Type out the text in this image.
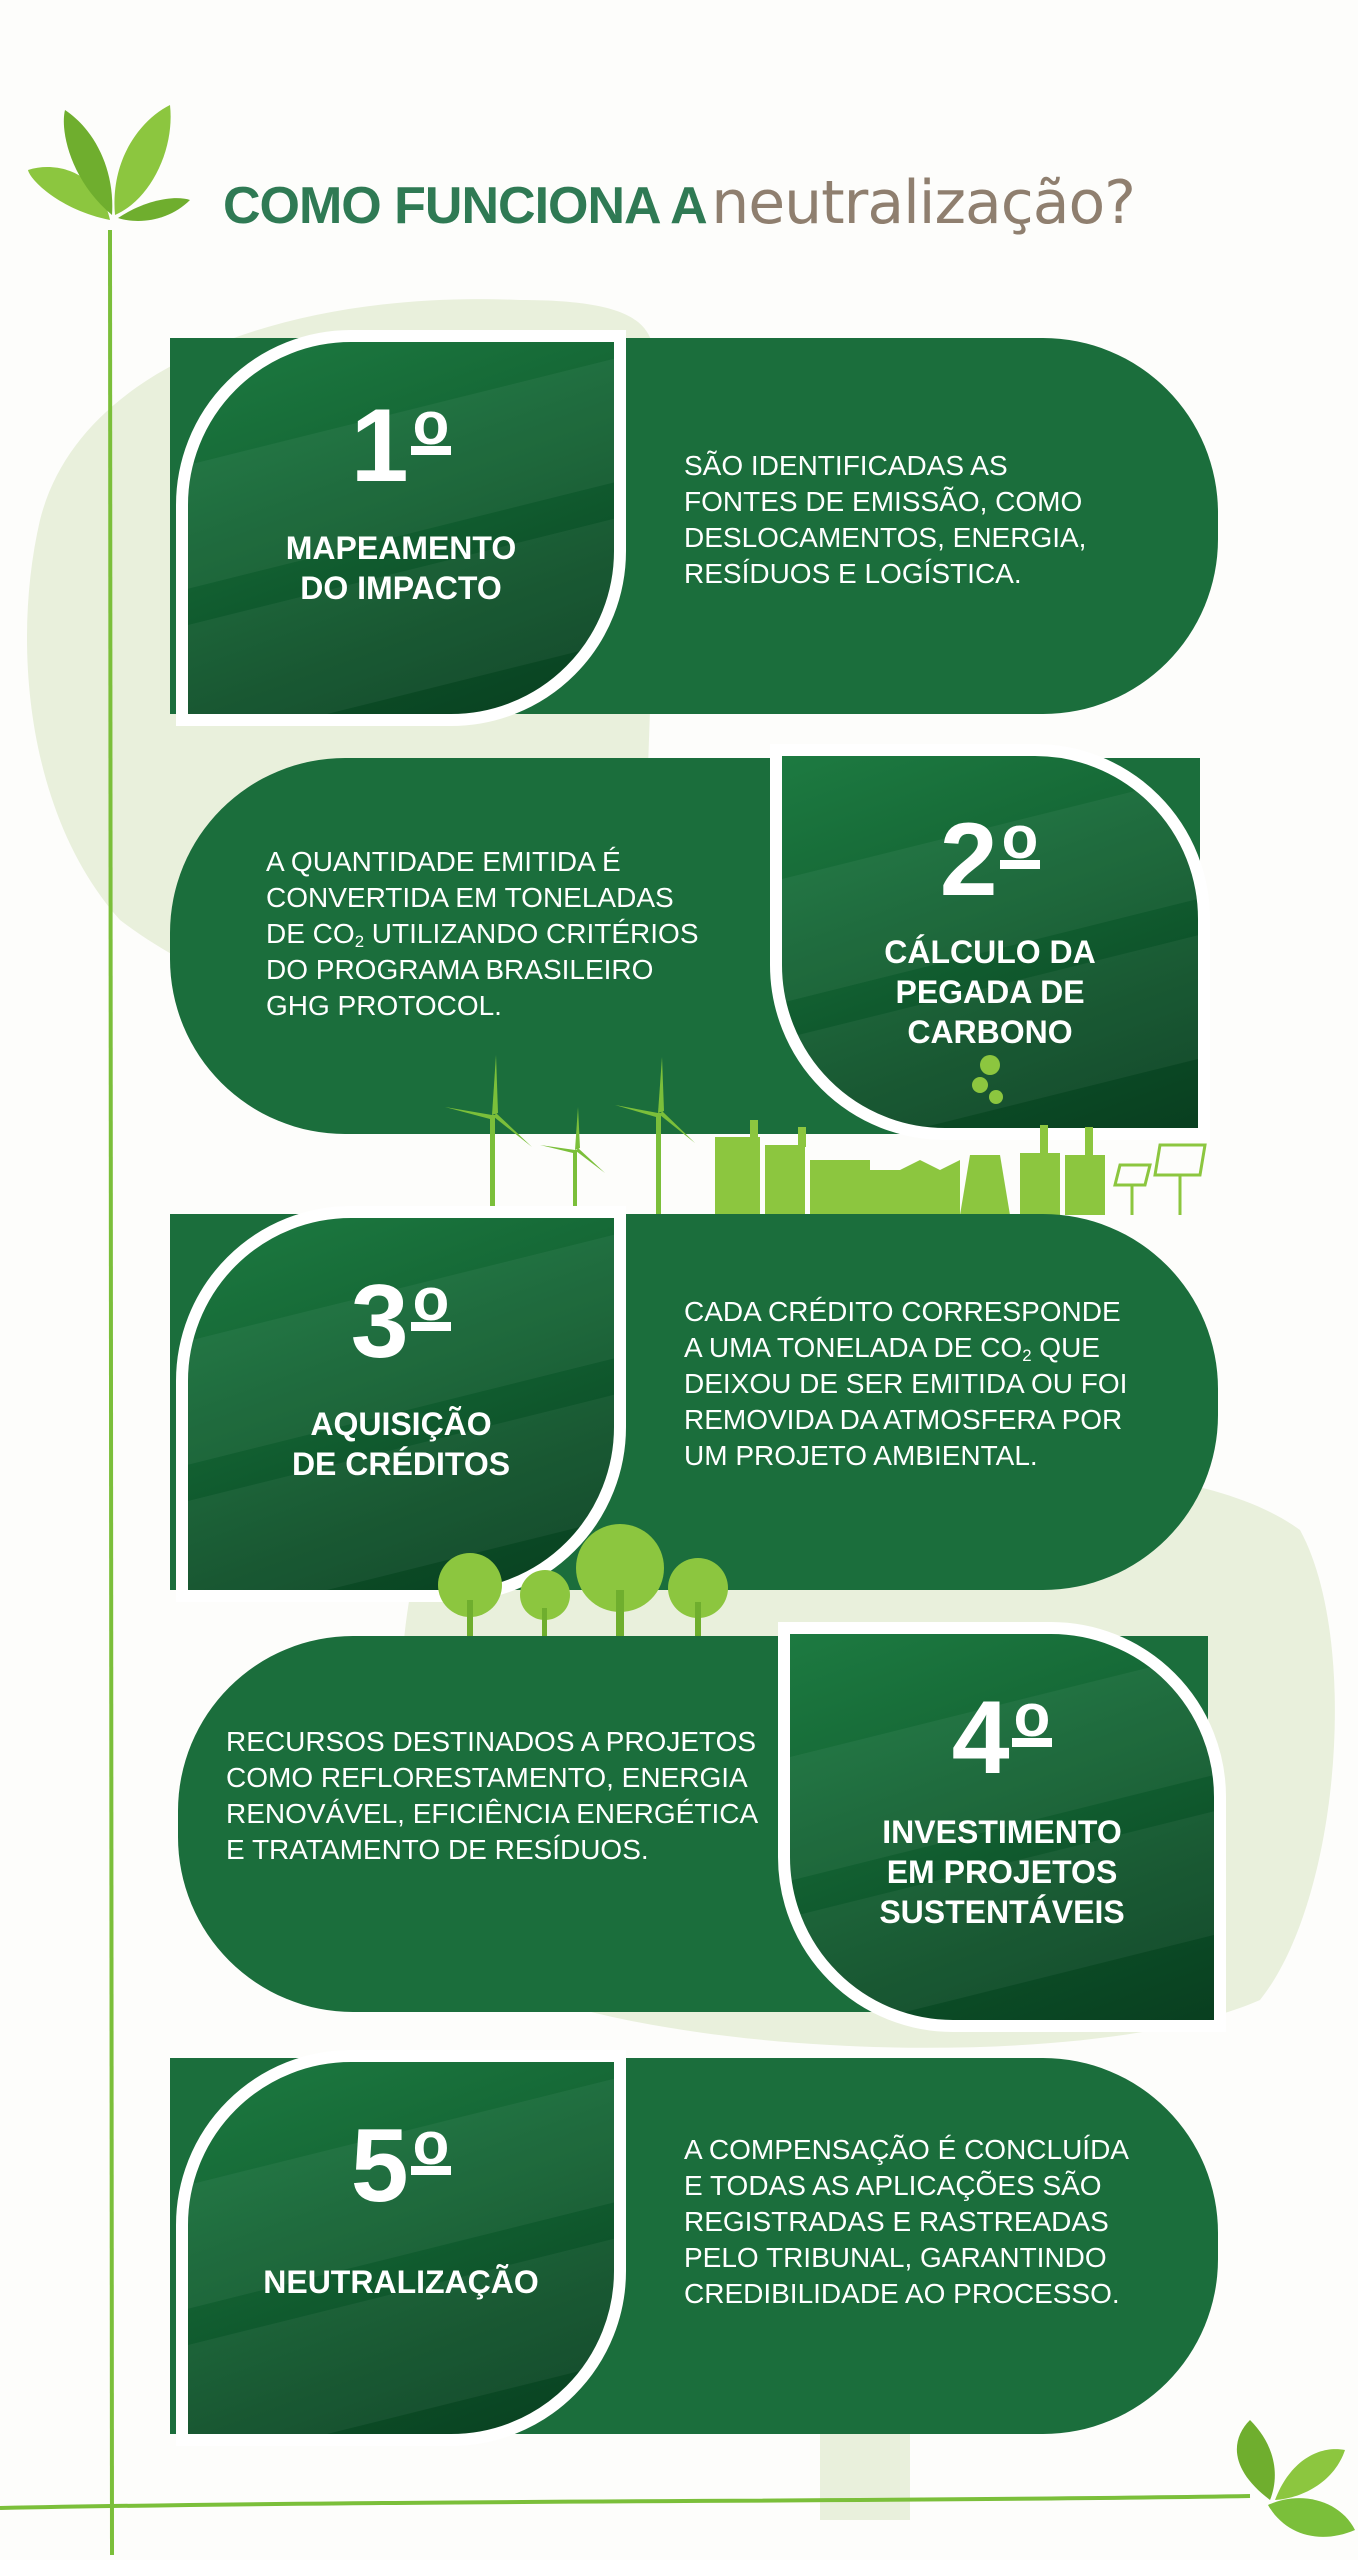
COMO FUNCIONA A neutralização?
SÃO IDENTIFICADAS AS
FONTES DE EMISSÃO, COMO
DESLOCAMENTOS, ENERGIA,
RESÍDUOS E LOGÍSTICA.
1o
MAPEAMENTO
DO IMPACTO
A QUANTIDADE EMITIDA É
CONVERTIDA EM TONELADAS
DE $CO_2$ UTILIZANDO CRITÉRIOS
DO PROGRAMA BRASILEIRO
GHG PROTOCOL.
2o
CÁLCULO DA
PEGADA DE
CARBONO
CADA CRÉDITO CORRESPONDE
A UMA TONELADA DE $CO_2$ QUE
DEIXOU DE SER EMITIDA OU FOI
REMOVIDA DA ATMOSFERA POR
UM PROJETO AMBIENTAL.
3o
AQUISIÇÃO
DE CRÉDITOS
RECURSOS DESTINADOS A PROJETOS
COMO REFLORESTAMENTO, ENERGIA
RENOVÁVEL, EFICIÊNCIA ENERGÉTICA
E TRATAMENTO DE RESÍDUOS.
4o
INVESTIMENTO
EM PROJETOS
SUSTENTÁVEIS
A COMPENSAÇÃO É CONCLUÍDA
E TODAS AS APLICAÇÕES SÃO
REGISTRADAS E RASTREADAS
PELO TRIBUNAL, GARANTINDO
CREDIBILIDADE AO PROCESSO.
5o
NEUTRALIZAÇÃO
